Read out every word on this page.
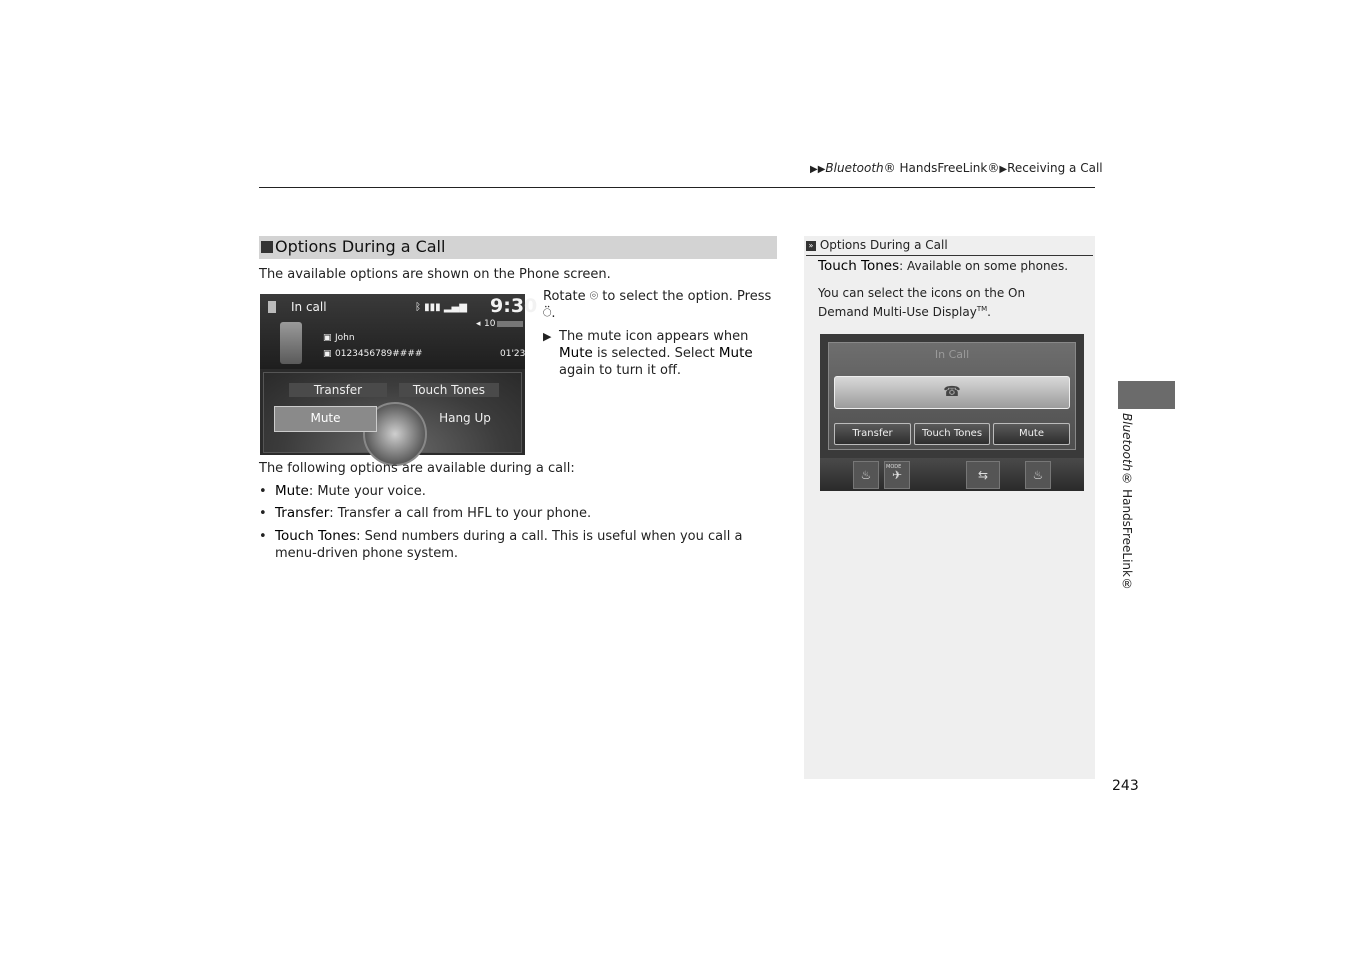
▶▶Bluetooth® HandsFreeLink®▶Receiving a Call
Options During a Call
The available options are shown on the Phone screen.
In call	ᛒ ▮▮▮ ▂▄▆ 9:30
◂ 10
▣ John
▣ 0123456789####	01'23
Transfer	Touch Tones
Mute	Hang Up
Rotate ⌾ to select the option. Press
⍥.
▶ The mute icon appears when Mute is selected. Select Mute again to turn it off.
The following options are available during a call:
• Mute: Mute your voice.
• Transfer: Transfer a call from HFL to your phone.
• Touch Tones: Send numbers during a call. This is useful when you call a menu-driven phone system.
» Options During a Call
Touch Tones: Available on some phones.
You can select the icons on the On Demand Multi-Use Display™.
In Call
☎
Transfer	Touch Tones	Mute
♨
MODE
✈	⇆	♨
Bluetooth® HandsFreeLink®
243
